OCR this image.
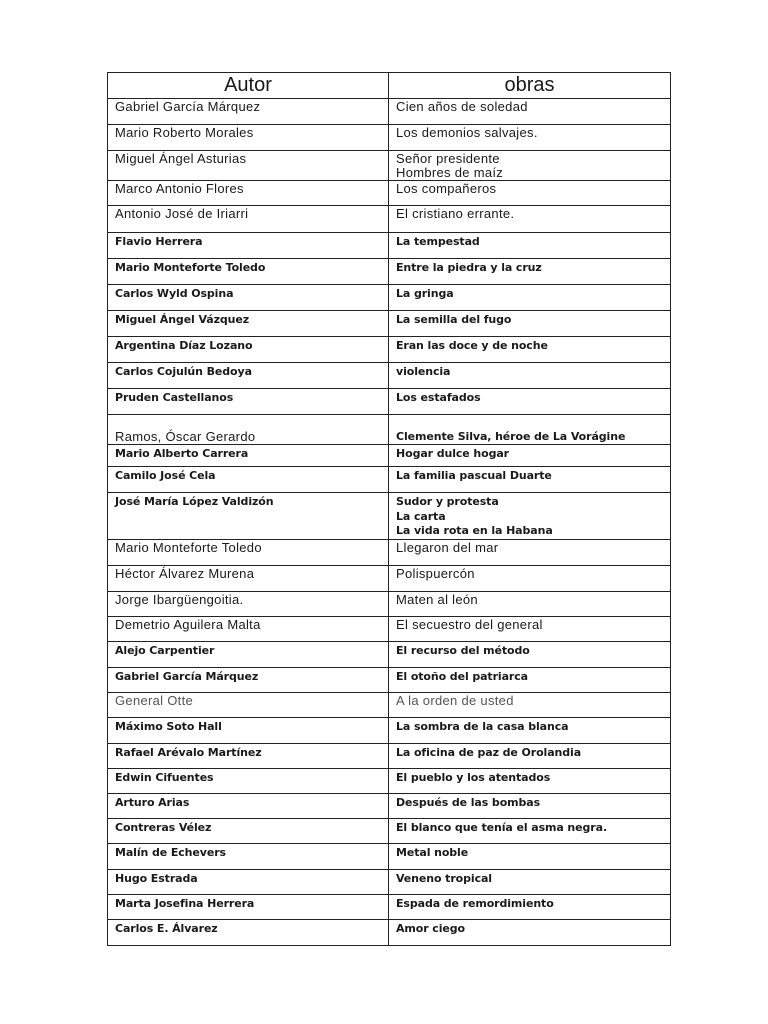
Autor	obras

Gabriel García Márquez	Cien años de soledad

Mario Roberto Morales	Los demonios salvajes.

Miguel Ángel Asturias	Señor presidente
Hombres de maíz

Marco Antonio Flores	Los compañeros

Antonio José de Iriarri	El cristiano errante.

Flavio Herrera	La tempestad

Mario Monteforte Toledo	Entre la piedra y la cruz

Carlos Wyld Ospina	La gringa

Miguel Ángel Vázquez	La semilla del fugo

Argentina Díaz Lozano	Eran las doce y de noche

Carlos Cojulún Bedoya	violencia

Pruden Castellanos	Los estafados

Ramos, Óscar Gerardo	Clemente Silva, héroe de La Vorágine

Mario Alberto Carrera	Hogar dulce hogar

Camilo José Cela	La familia pascual Duarte

José María López Valdizón	Sudor y protesta
La carta
La vida rota en la Habana

Mario Monteforte Toledo	Llegaron del mar

Héctor Álvarez Murena	Polispuercón

Jorge Ibargüengoitia.	Maten al león

Demetrio Aguilera Malta	El secuestro del general

Alejo Carpentier	El recurso del método

Gabriel García Márquez	El otoño del patriarca

General Otte	A la orden de usted

Máximo Soto Hall	La sombra de la casa blanca

Rafael Arévalo Martínez	La oficina de paz de Orolandia

Edwin Cifuentes	El pueblo y los atentados

Arturo Arias	Después de las bombas

Contreras Vélez	El blanco que tenía el asma negra.

Malín de Echevers	Metal noble

Hugo Estrada	Veneno tropical

Marta Josefina Herrera	Espada de remordimiento

Carlos E. Álvarez	Amor ciego
